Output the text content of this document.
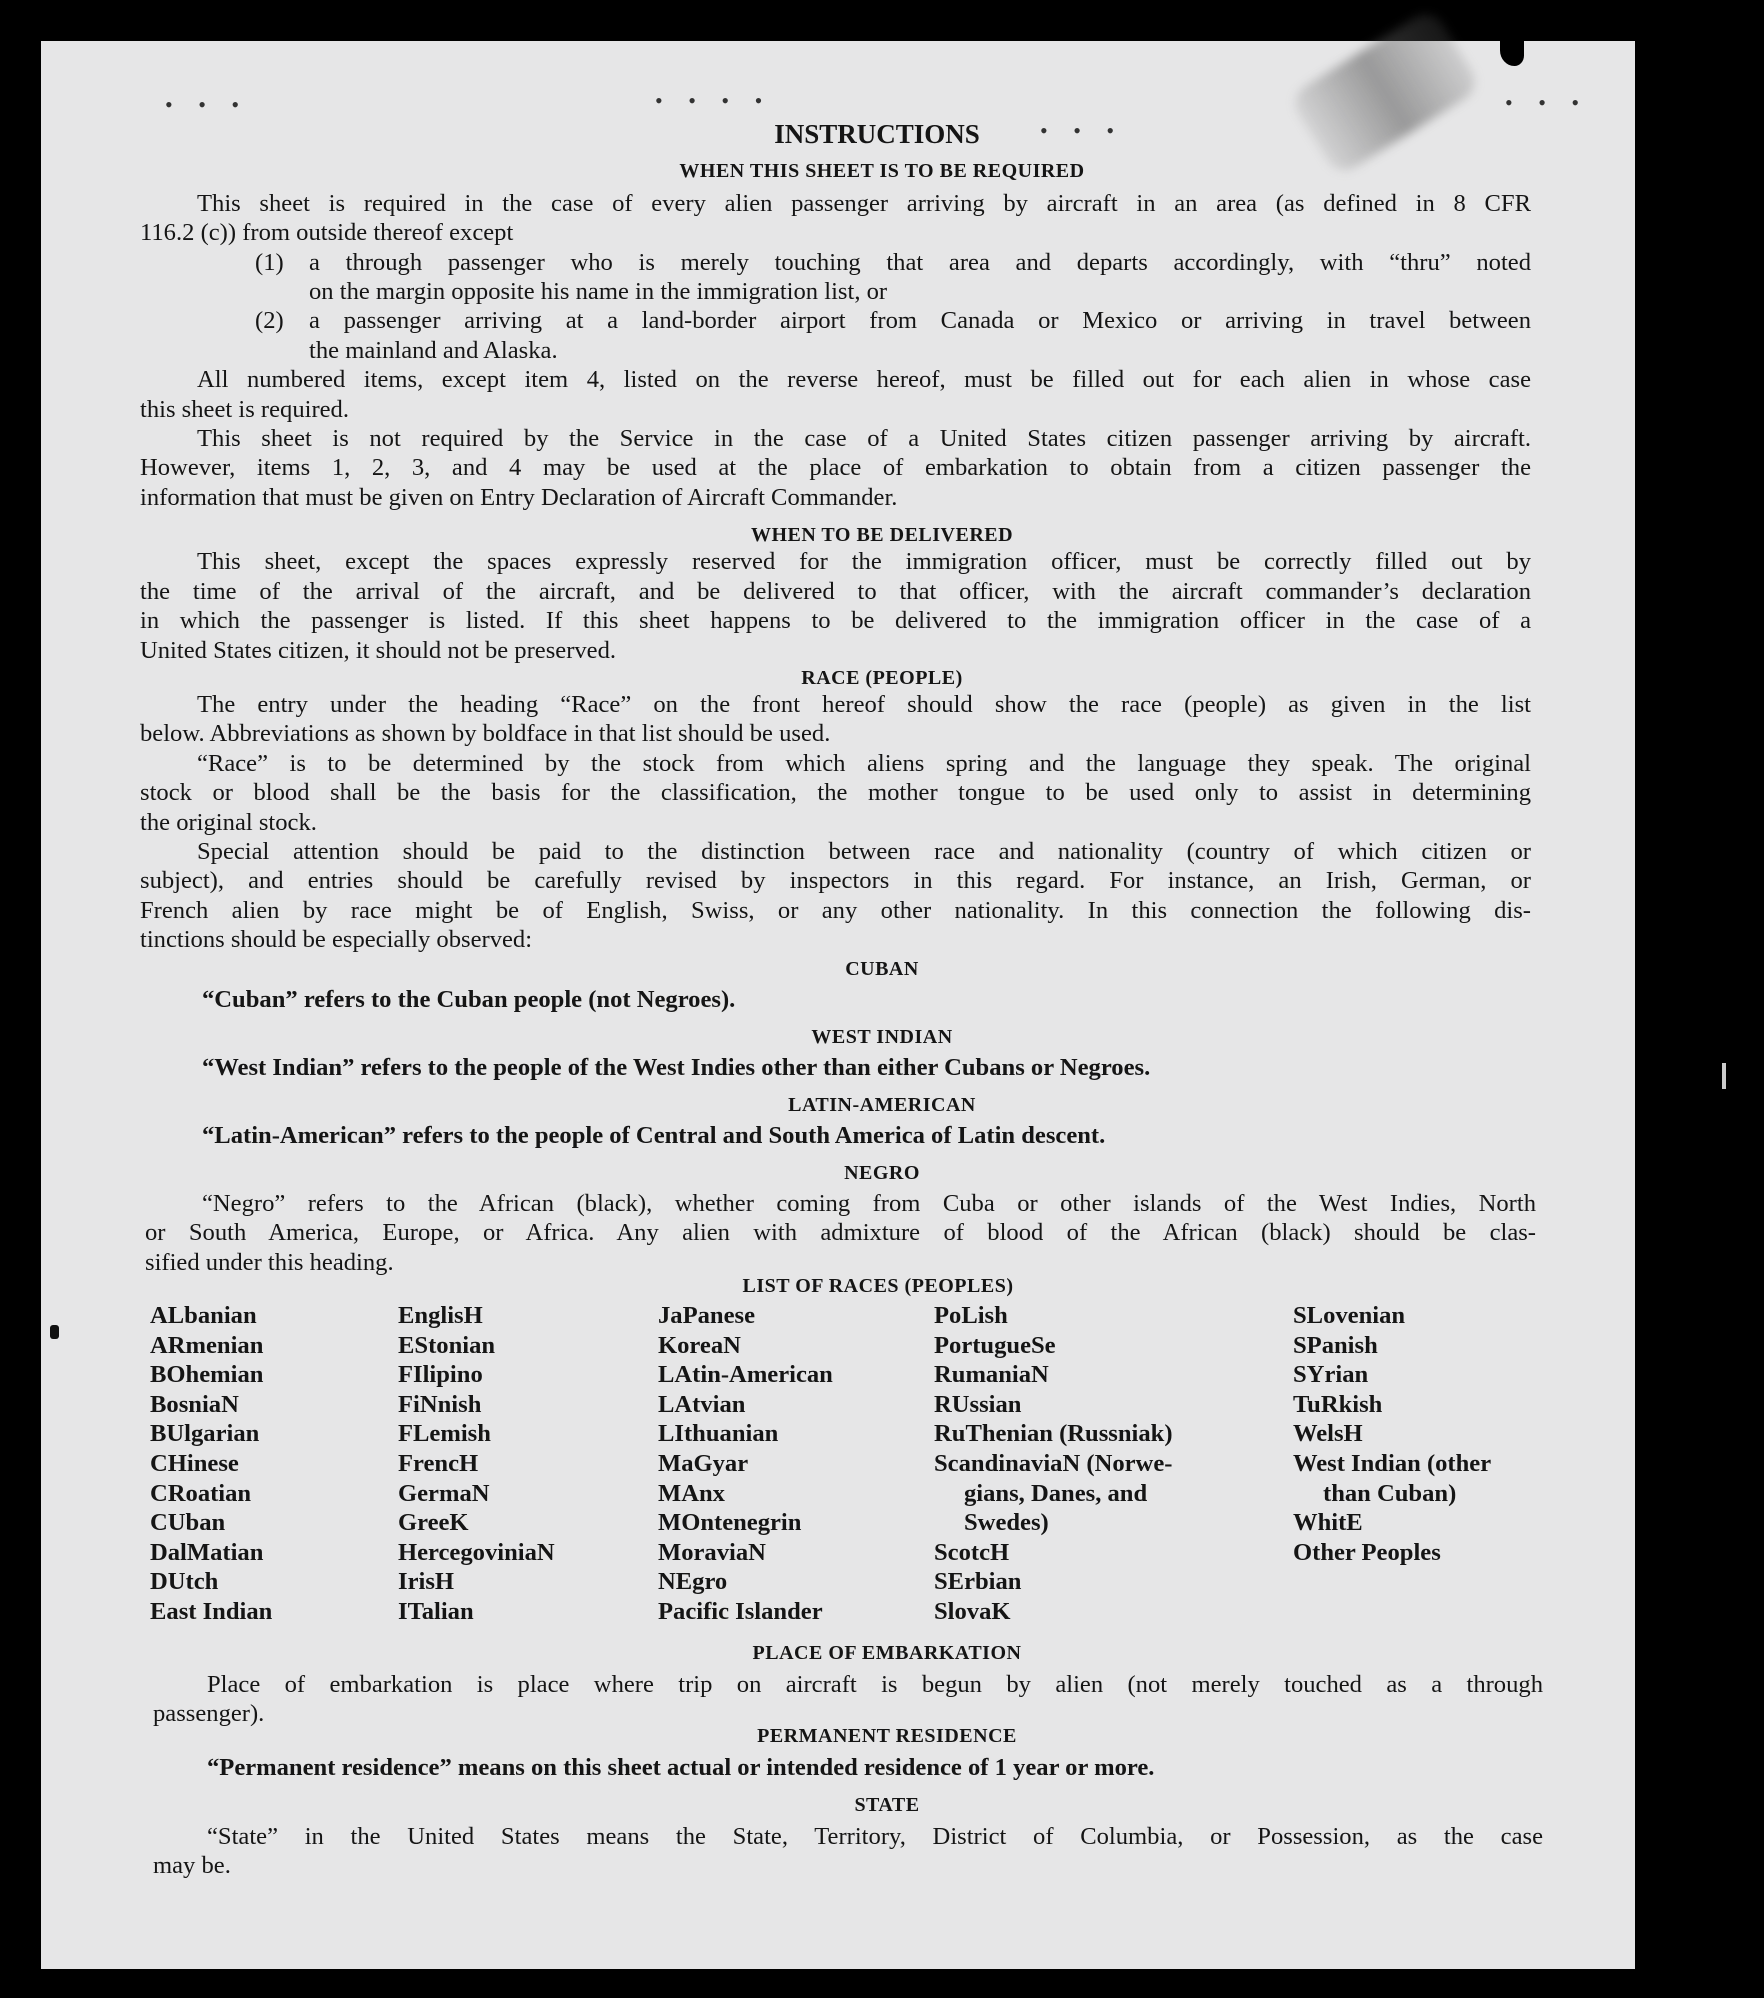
• • •	• • • •
• • •
• • •
INSTRUCTIONS
WHEN THIS SHEET IS TO BE REQUIRED
This sheet is required in the case of every alien passenger arriving by aircraft in an area (as defined in 8 CFR
116.2 (c)) from outside thereof except
(1) a through passenger who is merely touching that area and departs accordingly, with “thru” noted
on the margin opposite his name in the immigration list, or
(2) a passenger arriving at a land-border airport from Canada or Mexico or arriving in travel between
the mainland and Alaska.
All numbered items, except item 4, listed on the reverse hereof, must be filled out for each alien in whose case
this sheet is required.
This sheet is not required by the Service in the case of a United States citizen passenger arriving by aircraft.
However, items 1, 2, 3, and 4 may be used at the place of embarkation to obtain from a citizen passenger the
information that must be given on Entry Declaration of Aircraft Commander.
WHEN TO BE DELIVERED
This sheet, except the spaces expressly reserved for the immigration officer, must be correctly filled out by
the time of the arrival of the aircraft, and be delivered to that officer, with the aircraft commander’s declaration
in which the passenger is listed. If this sheet happens to be delivered to the immigration officer in the case of a
United States citizen, it should not be preserved.
RACE (PEOPLE)
The entry under the heading “Race” on the front hereof should show the race (people) as given in the list
below. Abbreviations as shown by boldface in that list should be used.
“Race” is to be determined by the stock from which aliens spring and the language they speak. The original
stock or blood shall be the basis for the classification, the mother tongue to be used only to assist in determining
the original stock.
Special attention should be paid to the distinction between race and nationality (country of which citizen or
subject), and entries should be carefully revised by inspectors in this regard. For instance, an Irish, German, or
French alien by race might be of English, Swiss, or any other nationality. In this connection the following dis-
tinctions should be especially observed:
CUBAN
“Cuban” refers to the Cuban people (not Negroes).
WEST INDIAN
“West Indian” refers to the people of the West Indies other than either Cubans or Negroes.
LATIN-AMERICAN
“Latin-American” refers to the people of Central and South America of Latin descent.
NEGRO
“Negro” refers to the African (black), whether coming from Cuba or other islands of the West Indies, North
or South America, Europe, or Africa. Any alien with admixture of blood of the African (black) should be clas-
sified under this heading.
LIST OF RACES (PEOPLES)
ALbanian
ARmenian
BOhemian
BosniaN
BUlgarian
CHinese
CRoatian
CUban
DalMatian
DUtch
East Indian
EnglisH
EStonian
FIlipino
FiNnish
FLemish
FrencH
GermaN
GreeK
HercegoviniaN
IrisH
ITalian
JaPanese
KoreaN
LAtin-American
LAtvian
LIthuanian
MaGyar
MAnx
MOntenegrin
MoraviaN
NEgro
Pacific Islander
PoLish
PortugueSe
RumaniaN
RUssian
RuThenian (Russniak)
ScandinaviaN (Norwe-
gians, Danes, and
Swedes)
ScotcH
SErbian
SlovaK
SLovenian
SPanish
SYrian
TuRkish
WelsH
West Indian (other
than Cuban)
WhitE
Other Peoples
PLACE OF EMBARKATION
Place of embarkation is place where trip on aircraft is begun by alien (not merely touched as a through
passenger).
PERMANENT RESIDENCE
“Permanent residence” means on this sheet actual or intended residence of 1 year or more.
STATE
“State” in the United States means the State, Territory, District of Columbia, or Possession, as the case
may be.
